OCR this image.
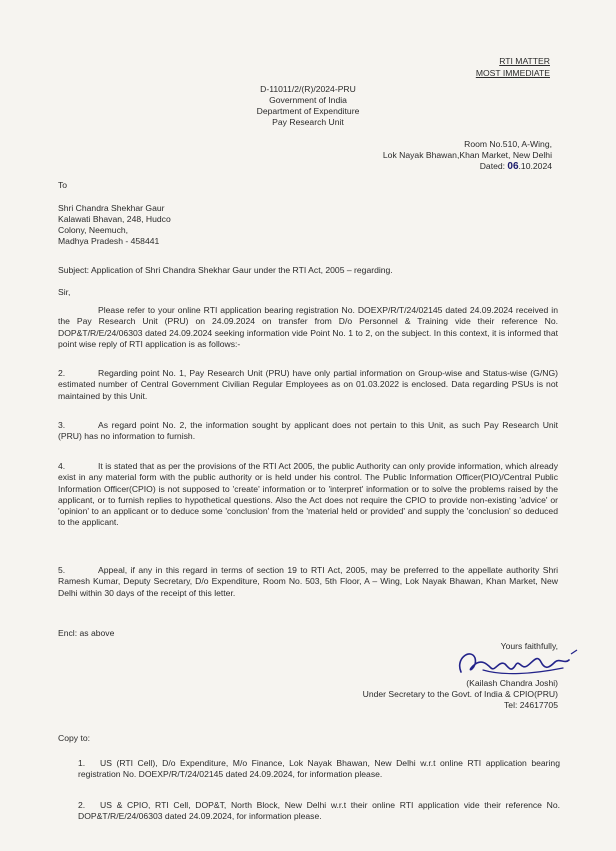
RTI MATTER
MOST IMMEDIATE
D-11011/2/(R)/2024-PRU
Government of India
Department of Expenditure
Pay Research Unit
Room No.510, A-Wing,
Lok Nayak Bhawan,Khan Market, New Delhi
Dated: 06.10.2024
To
Shri Chandra Shekhar Gaur
Kalawati Bhavan, 248, Hudco
Colony, Neemuch,
Madhya Pradesh - 458441
Subject: Application of Shri Chandra Shekhar Gaur under the RTI Act, 2005 – regarding.
Sir,
Please refer to your online RTI application bearing registration No. DOEXP/R/T/24/02145 dated 24.09.2024 received in the Pay Research Unit (PRU) on 24.09.2024 on transfer from D/o Personnel & Training vide their reference No. DOP&T/R/E/24/06303 dated 24.09.2024 seeking information vide Point No. 1 to 2, on the subject. In this context, it is informed that point wise reply of RTI application is as follows:-
2.	Regarding point No. 1, Pay Research Unit (PRU) have only partial information on Group-wise and Status-wise (G/NG) estimated number of Central Government Civilian Regular Employees as on 01.03.2022 is enclosed. Data regarding PSUs is not maintained by this Unit.
3.	As regard point No. 2, the information sought by applicant does not pertain to this Unit, as such Pay Research Unit (PRU) has no information to furnish.
4.	It is stated that as per the provisions of the RTI Act 2005, the public Authority can only provide information, which already exist in any material form with the public authority or is held under his control. The Public Information Officer(PIO)/Central Public Information Officer(CPIO) is not supposed to 'create' information or to 'interpret' information or to solve the problems raised by the applicant, or to furnish replies to hypothetical questions. Also the Act does not require the CPIO to provide non-existing 'advice' or 'opinion' to an applicant or to deduce some 'conclusion' from the 'material held or provided' and supply the 'conclusion' so deduced to the applicant.
5.	Appeal, if any in this regard in terms of section 19 to RTI Act, 2005, may be preferred to the appellate authority Shri Ramesh Kumar, Deputy Secretary, D/o Expenditure, Room No. 503, 5th Floor, A – Wing, Lok Nayak Bhawan, Khan Market, New Delhi within 30 days of the receipt of this letter.
Encl: as above
Yours faithfully,
(Kailash Chandra Joshi)
Under Secretary to the Govt. of India & CPIO(PRU)
Tel: 24617705
Copy to:
1. US (RTI Cell), D/o Expenditure, M/o Finance, Lok Nayak Bhawan, New Delhi w.r.t online RTI application bearing registration No. DOEXP/R/T/24/02145 dated 24.09.2024, for information please.
2. US & CPIO, RTI Cell, DOP&T, North Block, New Delhi w.r.t their online RTI application vide their reference No. DOP&T/R/E/24/06303 dated 24.09.2024, for information please.
